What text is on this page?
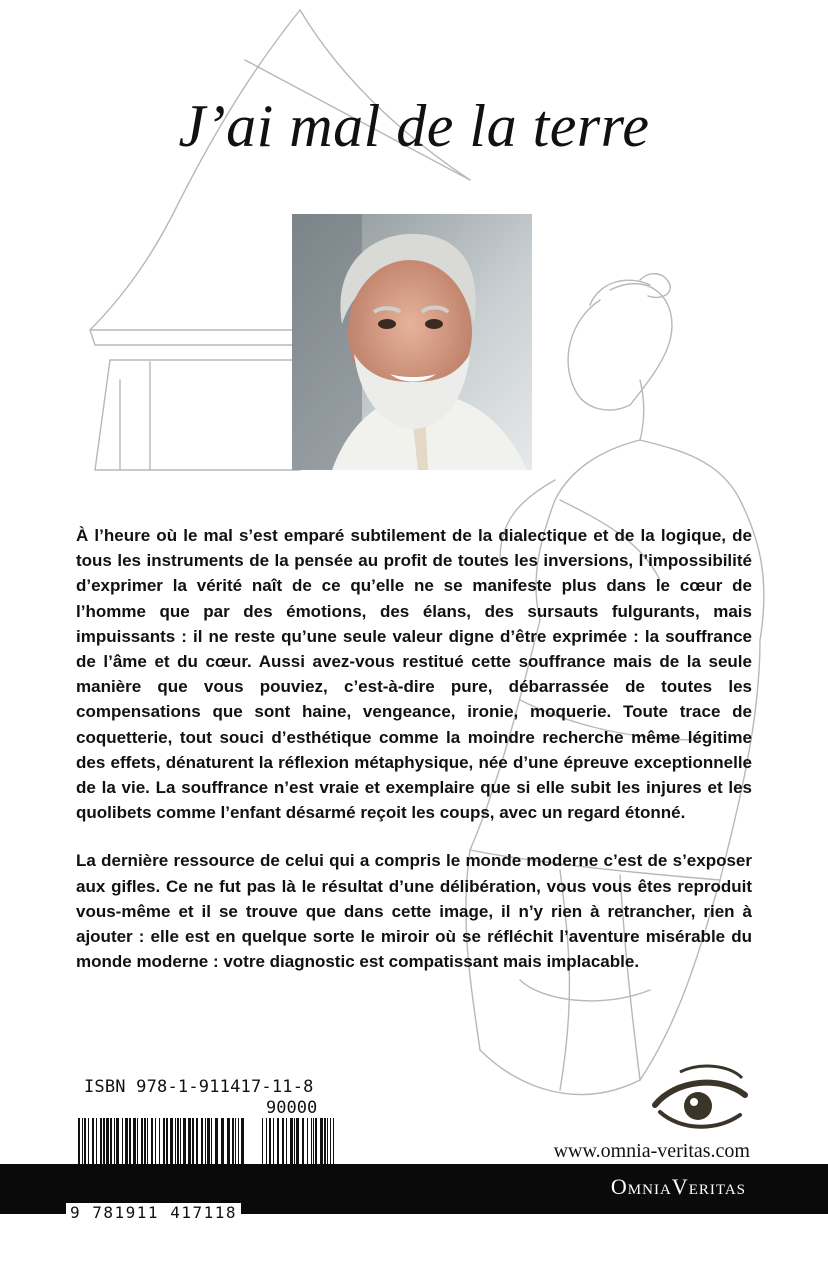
J’ai mal de la terre

À l’heure où le mal s’est emparé subtilement de la dialectique et de la logique, de tous les instruments de la pensée au profit de toutes les inversions, l’impossibilité d’exprimer la vérité naît de ce qu’elle ne se manifeste plus dans le cœur de l’homme que par des émotions, des élans, des sursauts fulgurants, mais impuissants : il ne reste qu’une seule valeur digne d’être exprimée : la souffrance de l’âme et du cœur. Aussi avez-vous restitué cette souffrance mais de la seule manière que vous pouviez, c’est-à-dire pure, débarrassée de toutes les compensations que sont haine, vengeance, ironie, moquerie. Toute trace de coquetterie, tout souci d’esthétique comme la moindre recherche même légitime des effets, dénaturent la réflexion métaphysique, née d’une épreuve exceptionnelle de la vie. La souffrance n’est vraie et exemplaire que si elle subit les injures et les quolibets comme l’enfant désarmé reçoit les coups, avec un regard étonné.

La dernière ressource de celui qui a compris le monde moderne c’est de s’exposer aux gifles. Ce ne fut pas là le résultat d’une délibération, vous vous êtes reproduit vous-même et il se trouve que dans cette image, il n’y rien à retrancher, rien à ajouter : elle est en quelque sorte le miroir où se réfléchit l’aventure misérable du monde moderne : votre diagnostic est compatissant mais implacable.

ISBN 978-1-911417-11-8
90000
www.omnia-veritas.com
OmniaVeritas
9 781911 417118
